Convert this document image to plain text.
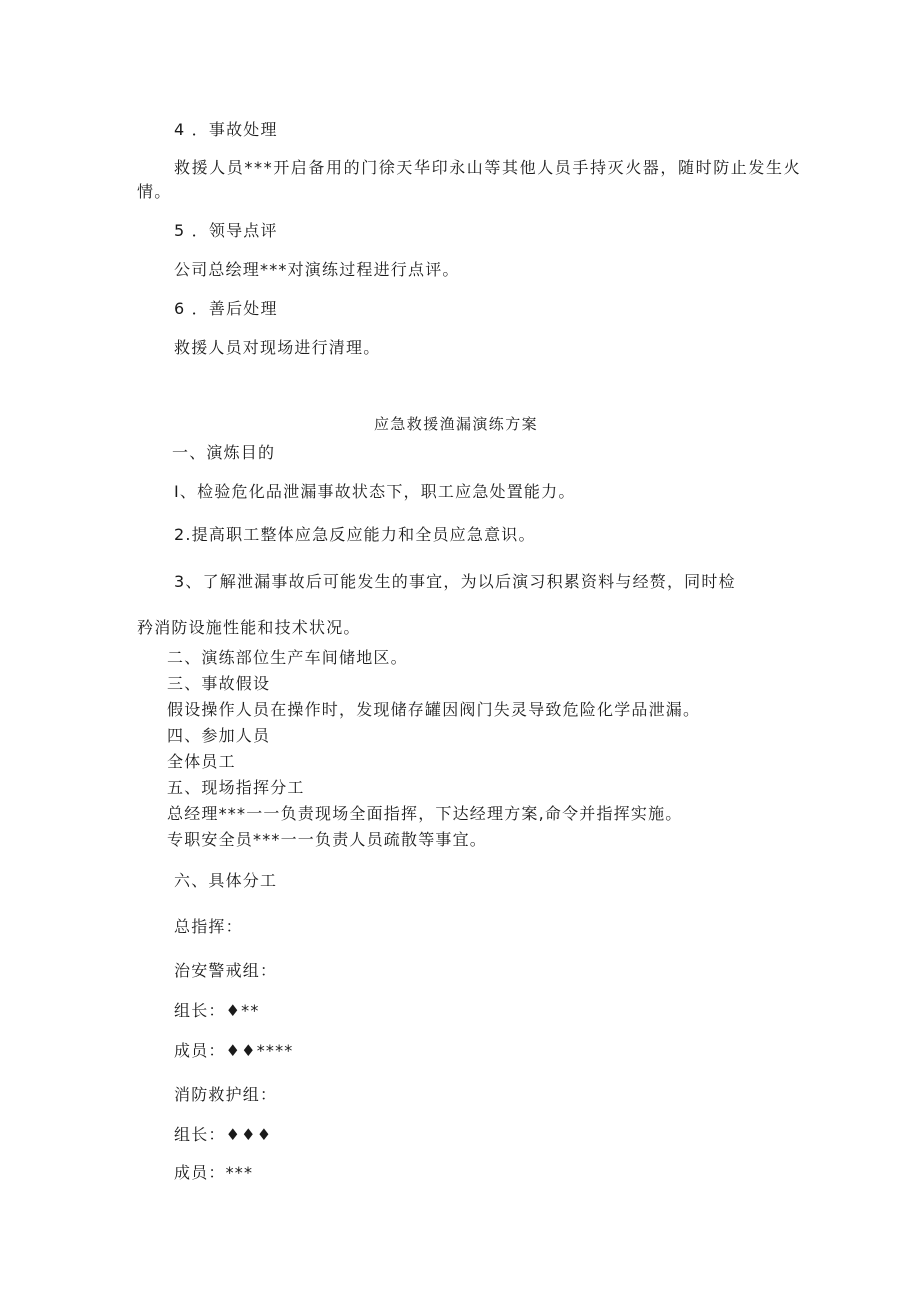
4 ．事故处理
救援人员***开启备用的门徐天华印永山等其他人员手持灭火器，随时防止发生火
情。
5 ．领导点评
公司总绘理***对演练过程进行点评。
6 ．善后处理
救援人员对现场进行清理。
应急救援渔漏演练方案
一、演炼目的
Ⅰ、检验危化品泄漏事故状态下，职工应急处置能力。
2.提高职工整体应急反应能力和全员应急意识。
3、了解泄漏事故后可能发生的事宜，为以后演习积累资料与经赘，同时检
矜消防设施性能和技术状况。
二、演练部位生产车间储地区。
三、事故假设
假设操作人员在操作时，发现储存罐因阀门失灵导致危险化学品泄漏。
四、参加人员
全体员工
五、现场指挥分工
总经理***一一负责现场全面指挥，下达经理方案,命令并指挥实施。
专职安全员***一一负责人员疏散等事宜。
六、具体分工
总指挥：
治安警戒组：
组长：♦**
成员：♦♦****
消防救护组：
组长：♦♦♦
成员：***
